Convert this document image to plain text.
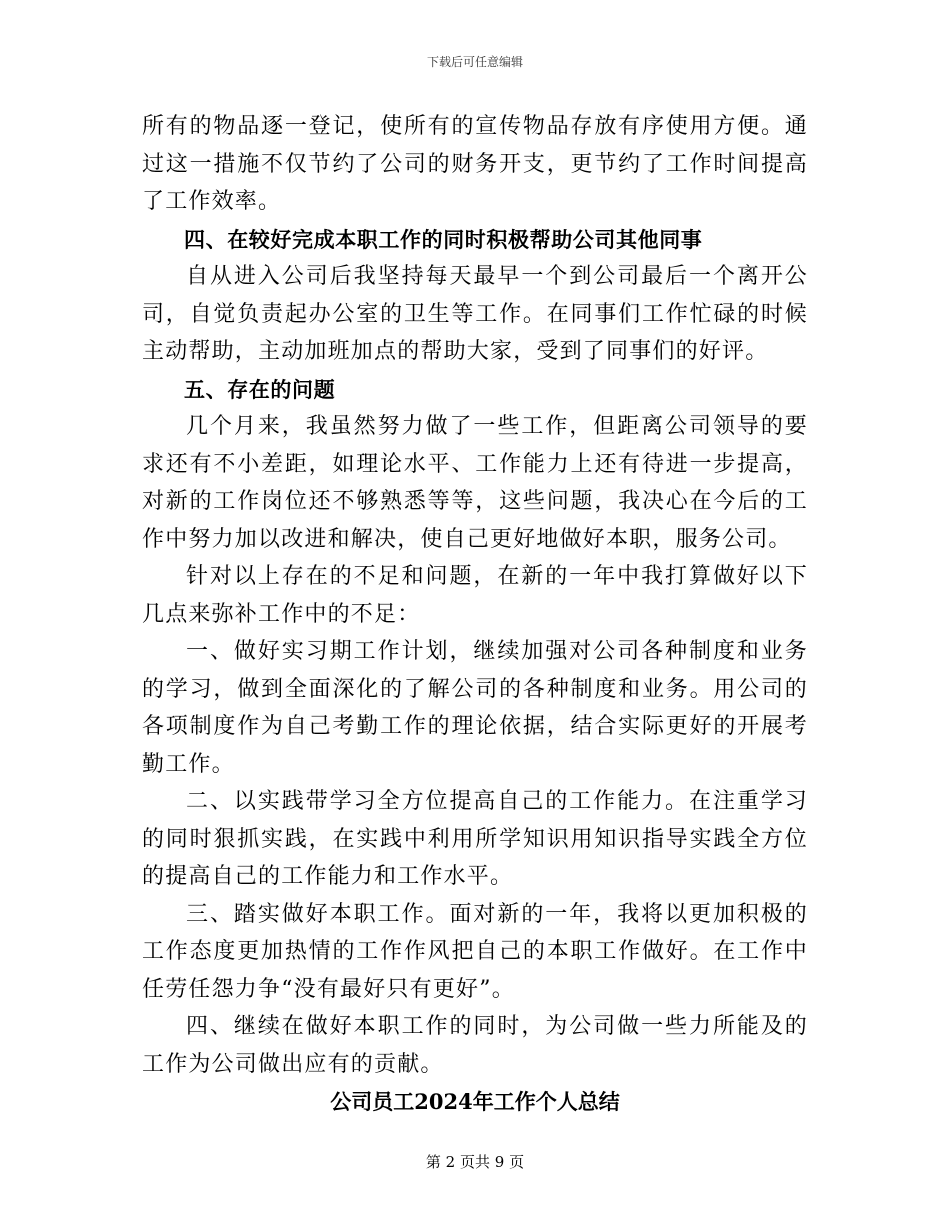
下载后可任意编辑

所有的物品逐一登记，使所有的宣传物品存放有序使用方便。通过这一措施不仅节约了公司的财务开支，更节约了工作时间提高了工作效率。

四、在较好完成本职工作的同时积极帮助公司其他同事

自从进入公司后我坚持每天最早一个到公司最后一个离开公司，自觉负责起办公室的卫生等工作。在同事们工作忙碌的时候主动帮助，主动加班加点的帮助大家，受到了同事们的好评。

五、存在的问题

几个月来，我虽然努力做了一些工作，但距离公司领导的要求还有不小差距，如理论水平、工作能力上还有待进一步提高，对新的工作岗位还不够熟悉等等，这些问题，我决心在今后的工作中努力加以改进和解决，使自己更好地做好本职，服务公司。

针对以上存在的不足和问题，在新的一年中我打算做好以下几点来弥补工作中的不足：

一、做好实习期工作计划，继续加强对公司各种制度和业务的学习，做到全面深化的了解公司的各种制度和业务。用公司的各项制度作为自己考勤工作的理论依据，结合实际更好的开展考勤工作。

二、以实践带学习全方位提高自己的工作能力。在注重学习的同时狠抓实践，在实践中利用所学知识用知识指导实践全方位的提高自己的工作能力和工作水平。

三、踏实做好本职工作。面对新的一年，我将以更加积极的工作态度更加热情的工作作风把自己的本职工作做好。在工作中任劳任怨力争“没有最好只有更好”。

四、继续在做好本职工作的同时，为公司做一些力所能及的工作为公司做出应有的贡献。

公司员工2024年工作个人总结

第 2 页共 9 页
